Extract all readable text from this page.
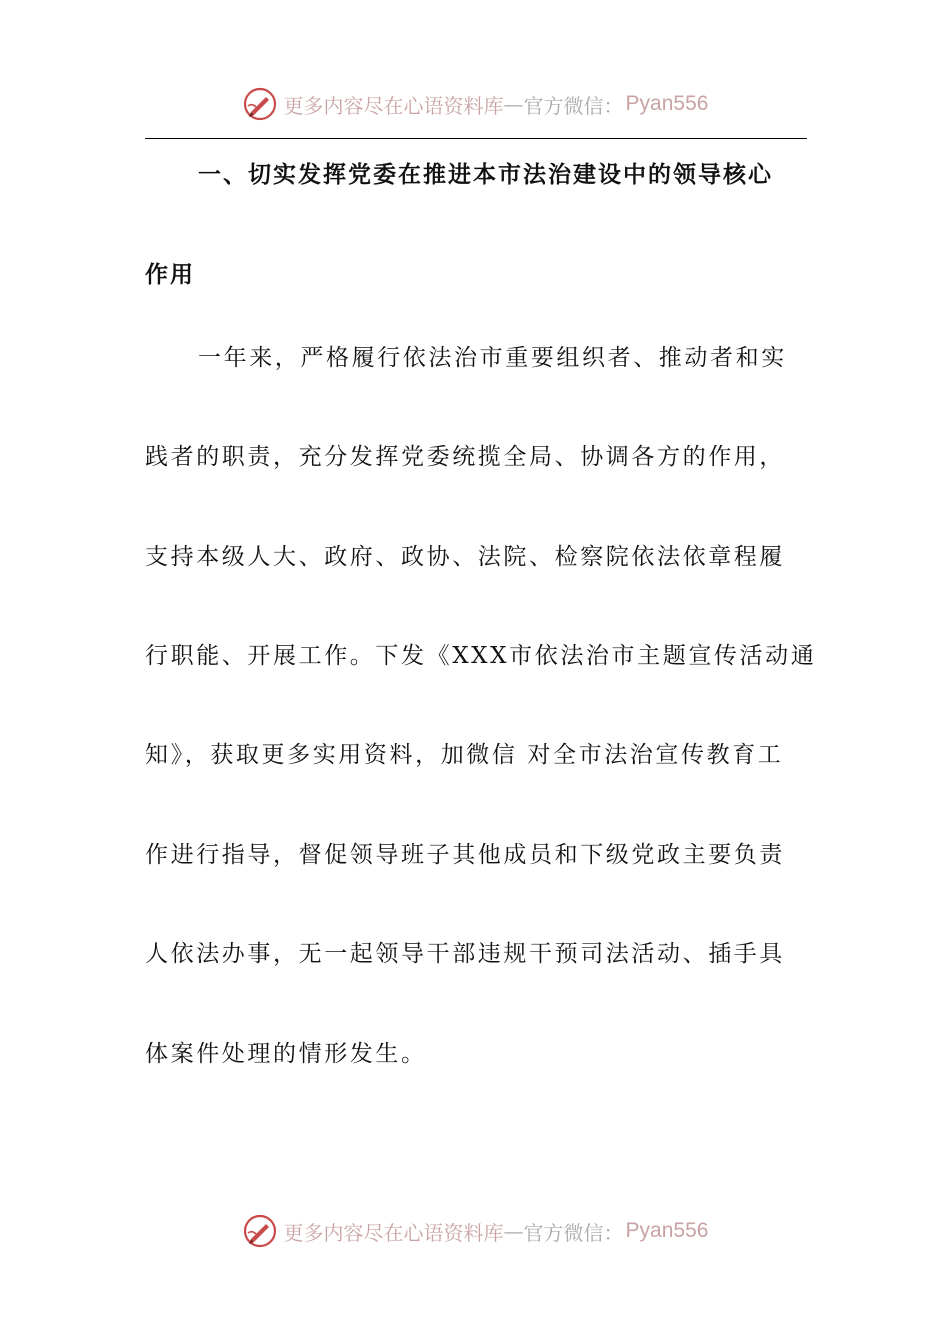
更多内容尽在心语资料库 — 官方微信： Pyan556
一、切实发挥党委在推进本市法治建设中的领导核心
作用
一年来，严格履行依法治市重要组织者、推动者和实
践者的职责，充分发挥党委统揽全局、协调各方的作用，
支持本级人大、政府、政协、法院、检察院依法依章程履
行职能、开展工作。下发《XXX市依法治市主题宣传活动通
知》，获取更多实用资料，加微信 对全市法治宣传教育工
作进行指导，督促领导班子其他成员和下级党政主要负责
人依法办事，无一起领导干部违规干预司法活动、插手具
体案件处理的情形发生。
更多内容尽在心语资料库 — 官方微信： Pyan556
